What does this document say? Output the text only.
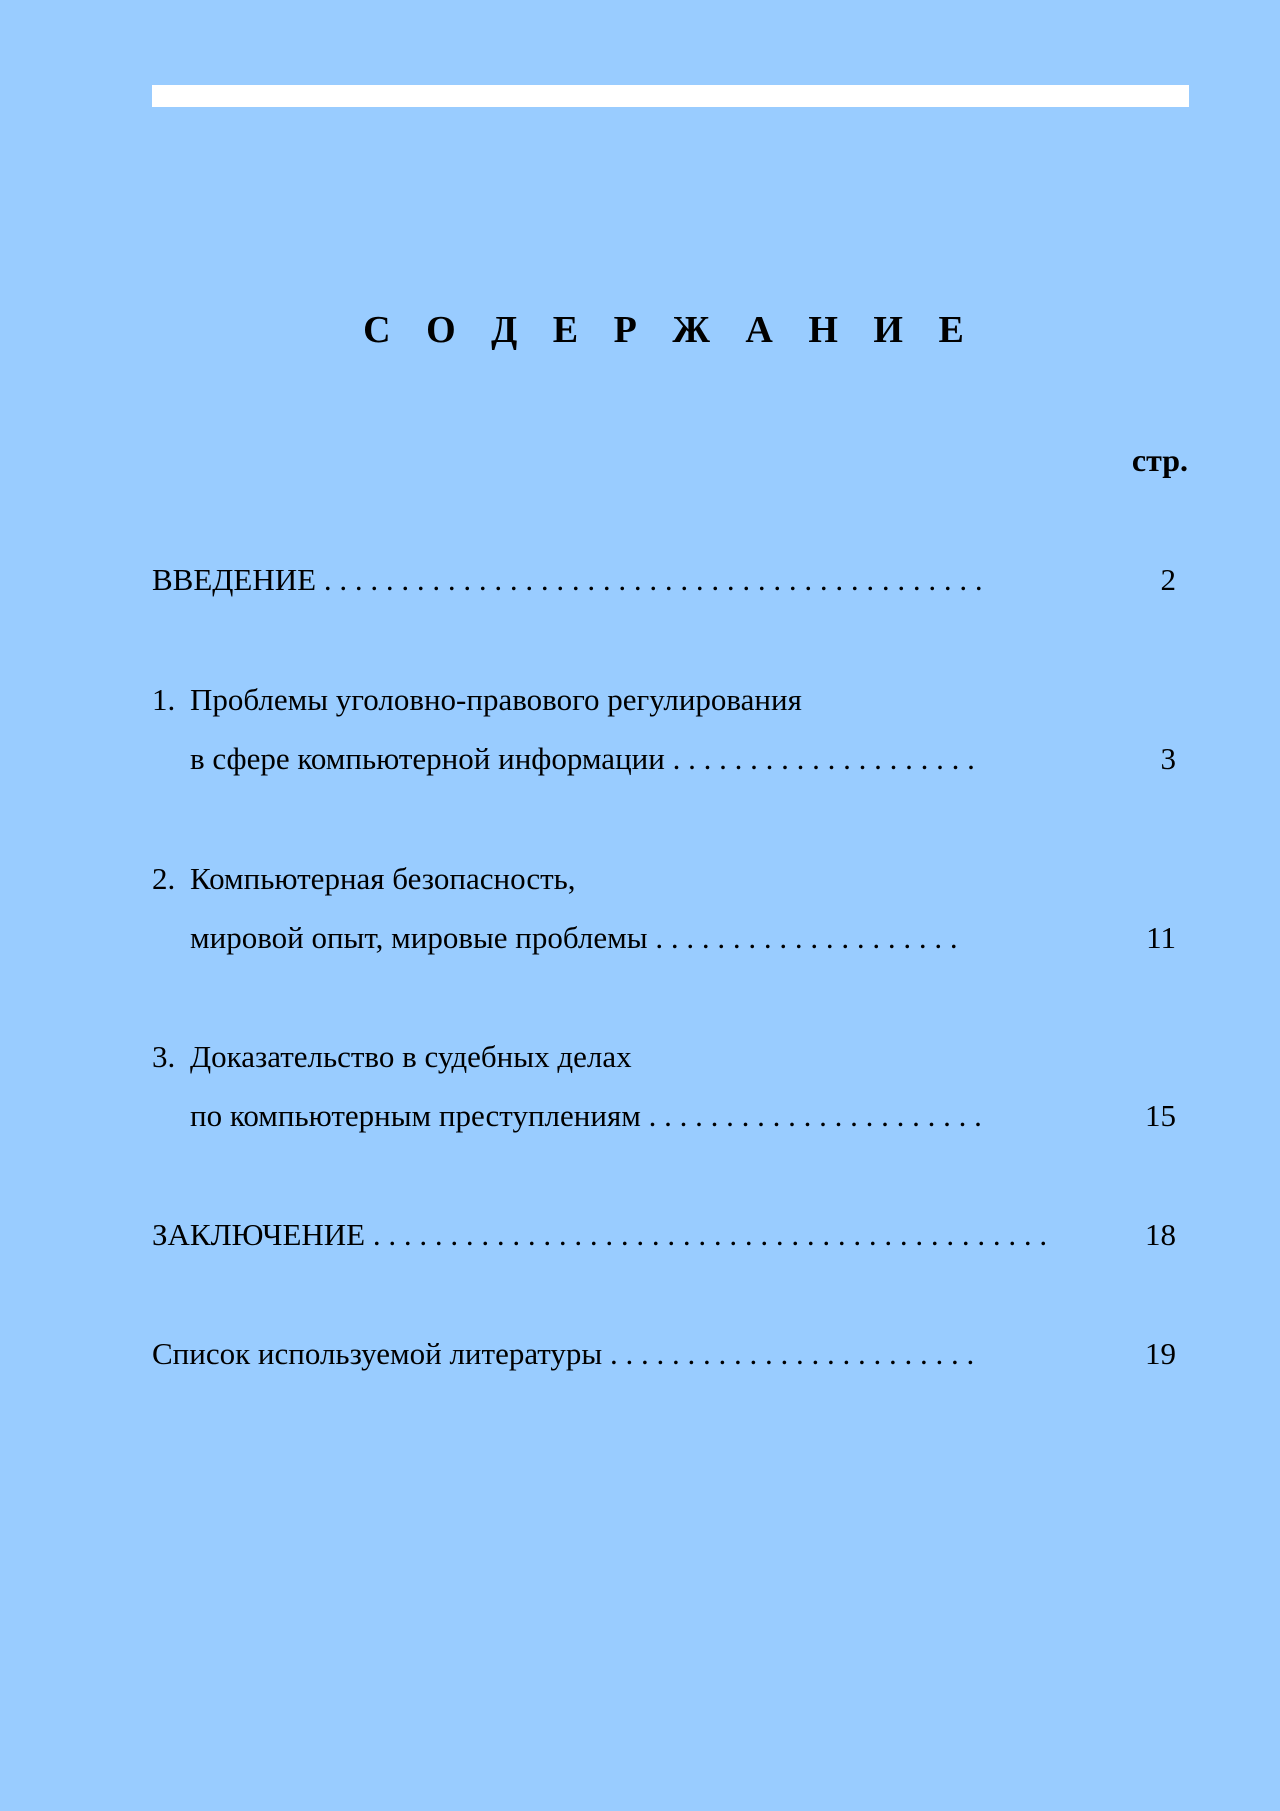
С О Д Е Р Ж А Н И Е
стр.
ВВЕДЕНИЕ . . . . . . . . . . . . . . . . . . . . . . . . . . . . . . . . . . . . . . . . . . .	2
1. Проблемы уголовно-правового регулирования
в сфере компьютерной информации . . . . . . . . . . . . . . . . . . . .	3
2. Компьютерная безопасность,
мировой опыт, мировые проблемы . . . . . . . . . . . . . . . . . . . .	11
3. Доказательство в судебных делах
по компьютерным преступлениям . . . . . . . . . . . . . . . . . . . . . .	15
ЗАКЛЮЧЕНИЕ . . . . . . . . . . . . . . . . . . . . . . . . . . . . . . . . . . . . . . . . . . . .	18
Список используемой литературы . . . . . . . . . . . . . . . . . . . . . . . .	19
